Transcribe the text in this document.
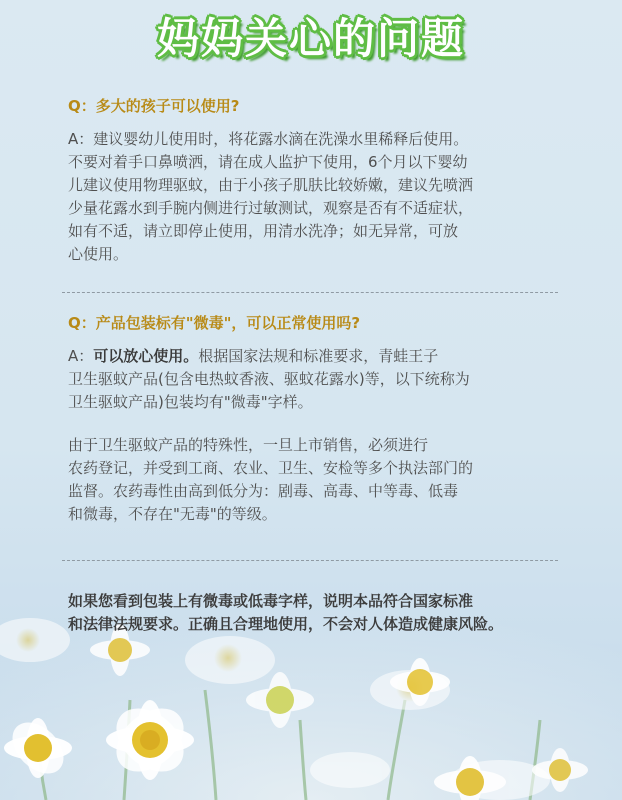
妈妈关心的问题
Q：多大的孩子可以使用?
A：建议婴幼儿使用时，将花露水滴在洗澡水里稀释后使用。
不要对着手口鼻喷洒，请在成人监护下使用，6个月以下婴幼
儿建议使用物理驱蚊，由于小孩子肌肤比较娇嫩，建议先喷洒
少量花露水到手腕内侧进行过敏测试，观察是否有不适症状，
如有不适，请立即停止使用，用清水洗净；如无异常，可放
心使用。
Q：产品包装标有"微毒"，可以正常使用吗?
A：可以放心使用。根据国家法规和标准要求，青蛙王子
卫生驱蚊产品(包含电热蚊香液、驱蚊花露水)等，以下统称为
卫生驱蚊产品)包装均有"微毒"字样。
由于卫生驱蚊产品的特殊性，一旦上市销售，必须进行
农药登记，并受到工商、农业、卫生、安检等多个执法部门的
监督。农药毒性由高到低分为：剧毒、高毒、中等毒、低毒
和微毒，不存在"无毒"的等级。
如果您看到包装上有微毒或低毒字样，说明本品符合国家标准
和法律法规要求。正确且合理地使用，不会对人体造成健康风险。
